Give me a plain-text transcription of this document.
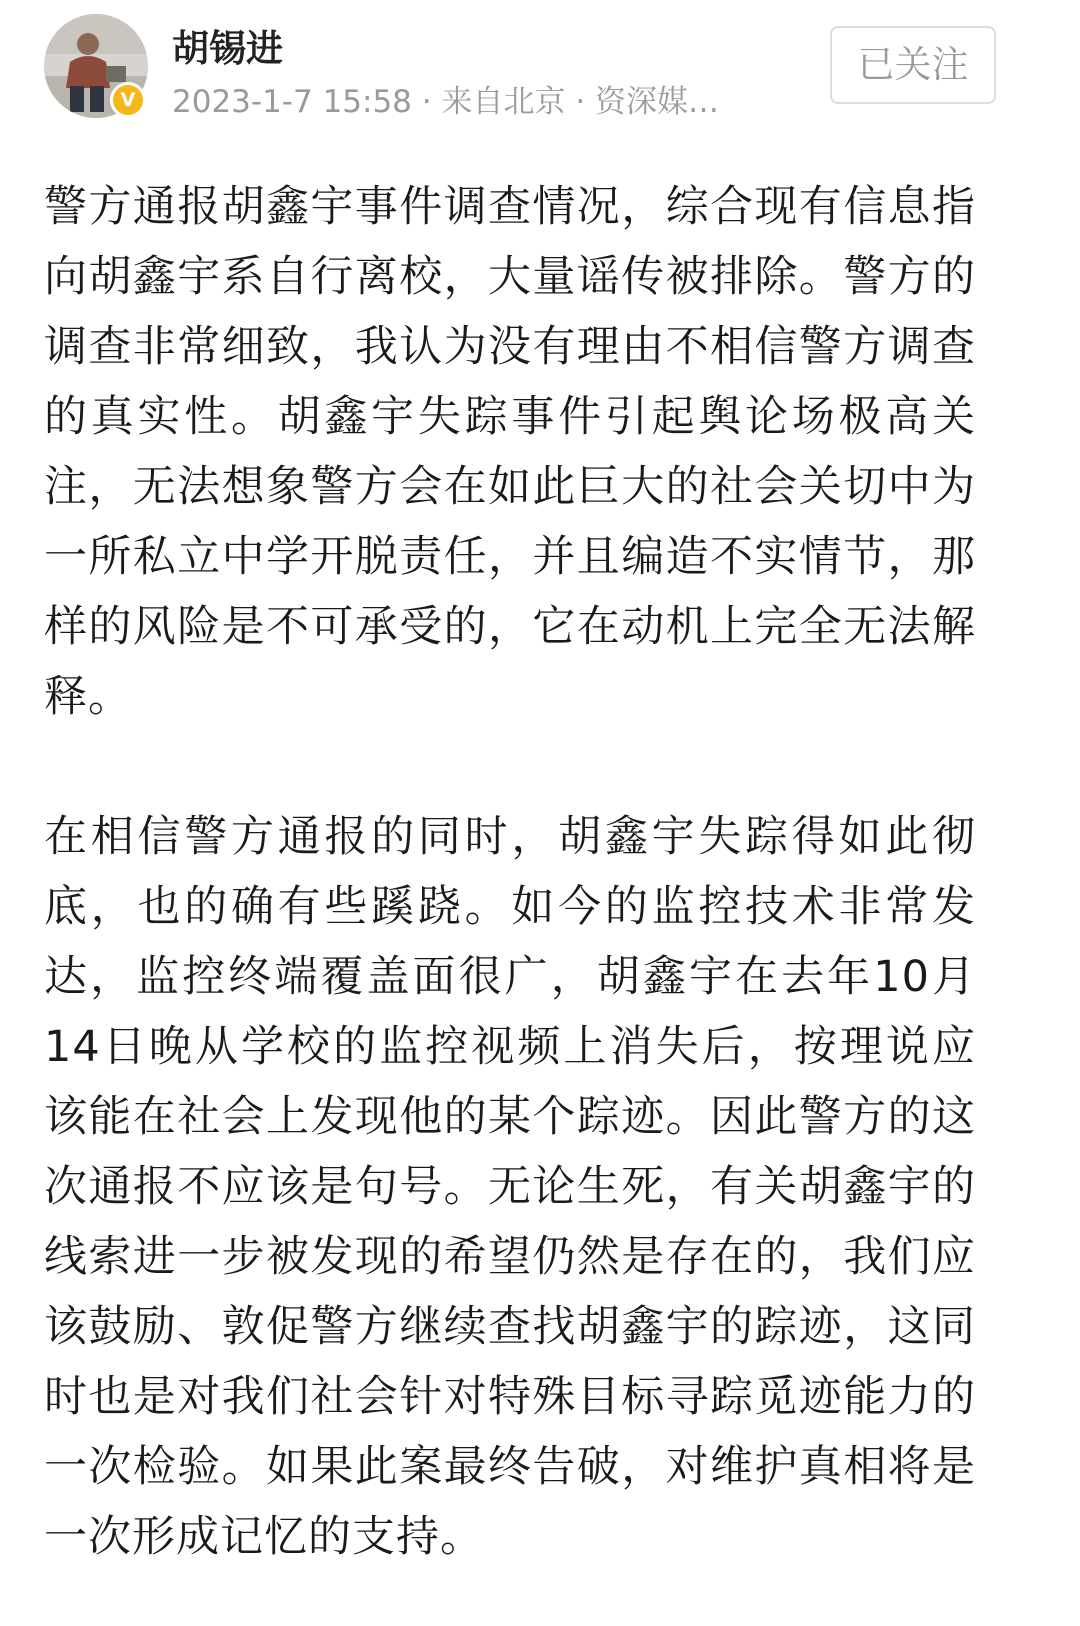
V
胡锡进
2023-1-7 15:58 · 来自北京 · 资深媒…
已关注

警方通报胡鑫宇事件调查情况，综合现有信息指向胡鑫宇系自行离校，大量谣传被排除。警方的调查非常细致，我认为没有理由不相信警方调查的真实性。胡鑫宇失踪事件引起舆论场极高关注，无法想象警方会在如此巨大的社会关切中为一所私立中学开脱责任，并且编造不实情节，那样的风险是不可承受的，它在动机上完全无法解释。

在相信警方通报的同时，胡鑫宇失踪得如此彻底，也的确有些蹊跷。如今的监控技术非常发达，监控终端覆盖面很广，胡鑫宇在去年10月14日晚从学校的监控视频上消失后，按理说应该能在社会上发现他的某个踪迹。因此警方的这次通报不应该是句号。无论生死，有关胡鑫宇的线索进一步被发现的希望仍然是存在的，我们应该鼓励、敦促警方继续查找胡鑫宇的踪迹，这同时也是对我们社会针对特殊目标寻踪觅迹能力的一次检验。如果此案最终告破，对维护真相将是一次形成记忆的支持。
